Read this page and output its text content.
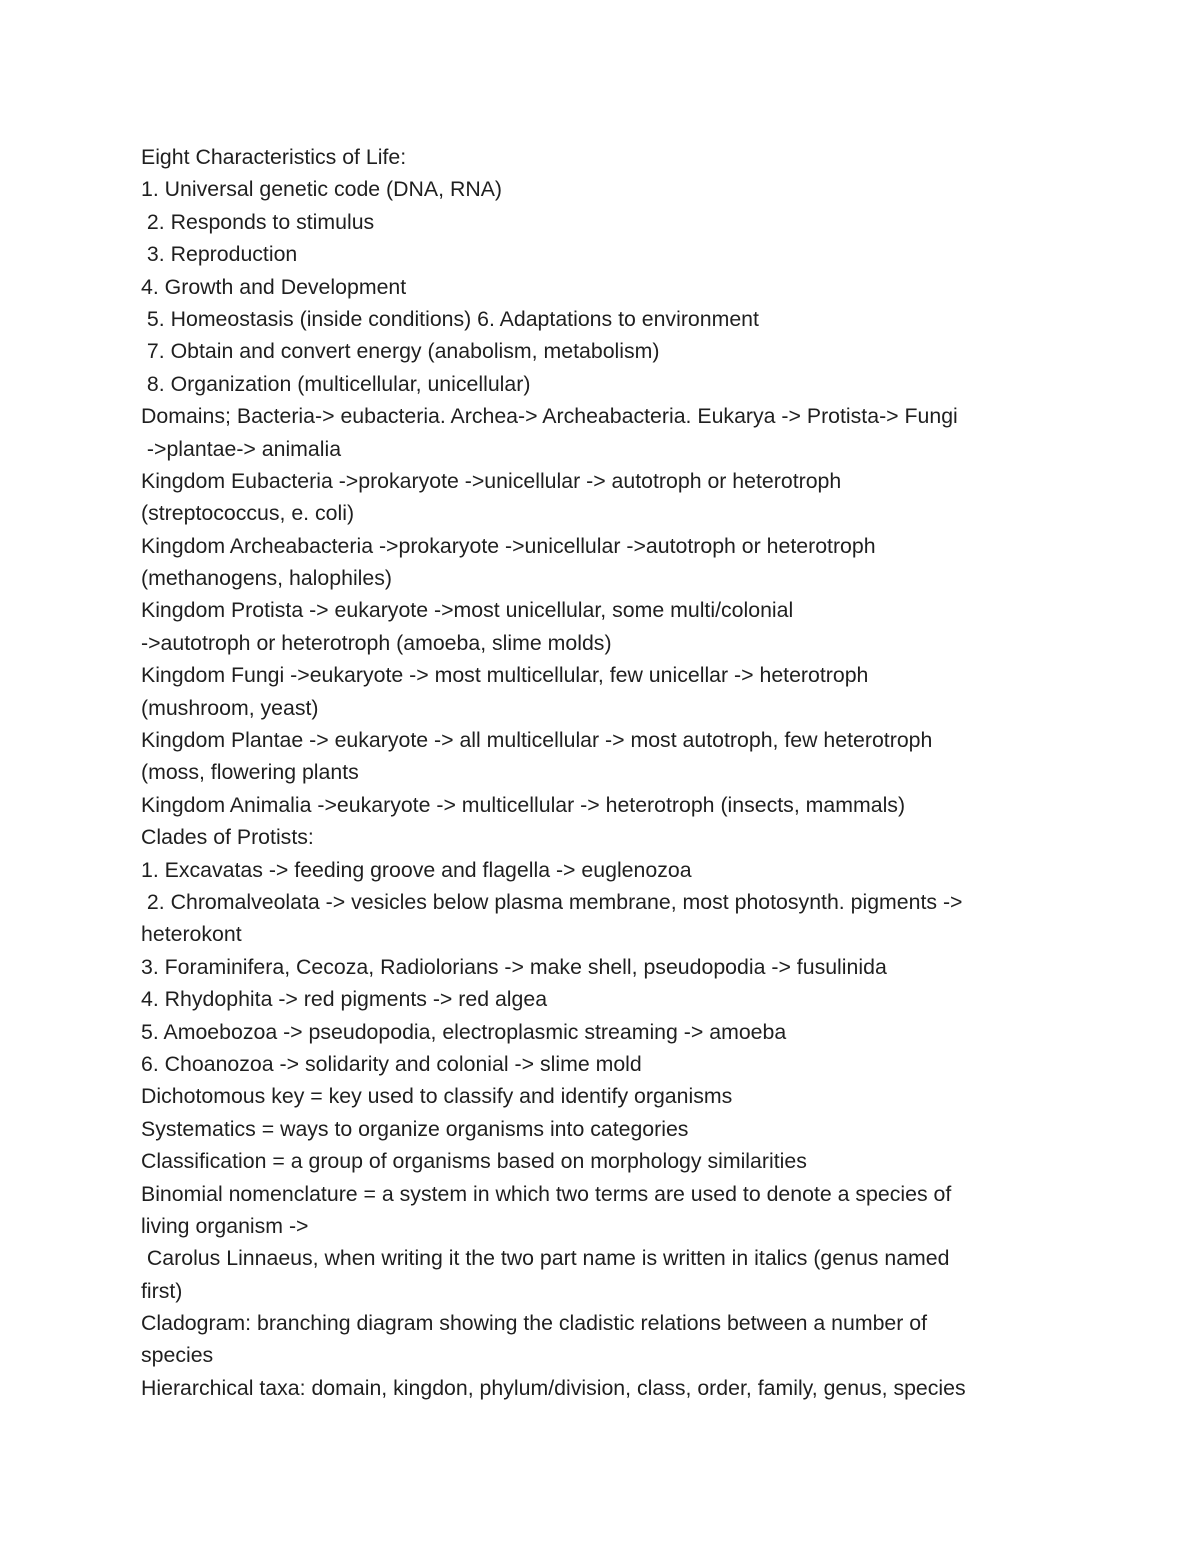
Eight Characteristics of Life:
1. Universal genetic code (DNA, RNA)
2. Responds to stimulus
3. Reproduction
4. Growth and Development
5. Homeostasis (inside conditions) 6. Adaptations to environment
7. Obtain and convert energy (anabolism, metabolism)
8. Organization (multicellular, unicellular)
Domains; Bacteria-> eubacteria. Archea-> Archeabacteria. Eukarya -> Protista-> Fungi
->plantae-> animalia
Kingdom Eubacteria ->prokaryote ->unicellular -> autotroph or heterotroph
(streptococcus, e. coli)
Kingdom Archeabacteria ->prokaryote ->unicellular ->autotroph or heterotroph
(methanogens, halophiles)
Kingdom Protista -> eukaryote ->most unicellular, some multi/colonial
->autotroph or heterotroph (amoeba, slime molds)
Kingdom Fungi ->eukaryote -> most multicellular, few unicellar -> heterotroph
(mushroom, yeast)
Kingdom Plantae -> eukaryote -> all multicellular -> most autotroph, few heterotroph
(moss, flowering plants
Kingdom Animalia ->eukaryote -> multicellular -> heterotroph (insects, mammals)
Clades of Protists:
1. Excavatas -> feeding groove and flagella -> euglenozoa
2. Chromalveolata -> vesicles below plasma membrane, most photosynth. pigments ->
heterokont
3. Foraminifera, Cecoza, Radiolorians -> make shell, pseudopodia -> fusulinida
4. Rhydophita -> red pigments -> red algea
5. Amoebozoa -> pseudopodia, electroplasmic streaming -> amoeba
6. Choanozoa -> solidarity and colonial -> slime mold
Dichotomous key = key used to classify and identify organisms
Systematics = ways to organize organisms into categories
Classification = a group of organisms based on morphology similarities
Binomial nomenclature = a system in which two terms are used to denote a species of
living organism ->
Carolus Linnaeus, when writing it the two part name is written in italics (genus named
first)
Cladogram: branching diagram showing the cladistic relations between a number of
species
Hierarchical taxa: domain, kingdon, phylum/division, class, order, family, genus, species
